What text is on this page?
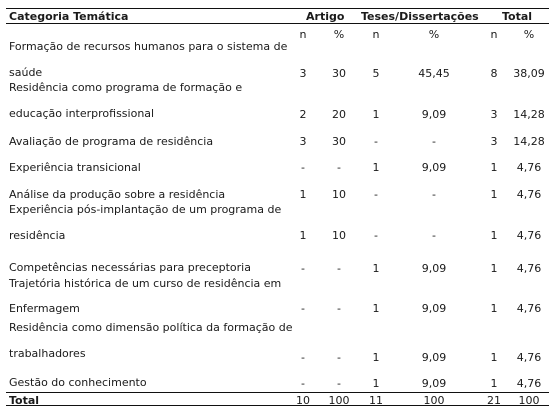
Categoria Temática	Artigo Teses/Dissertações Total
n	%	n	%	n	%
Formação de recursos humanos para o sistema de
saúde	3	30	5	45,45	8	38,09
Residência como programa de formação e
educação interprofissional	2	20	1	9,09	3	14,28
Avaliação de programa de residência	3	30	-	-	3	14,28
Experiência transicional	-	-	1	9,09	1	4,76
Análise da produção sobre a residência	1	10	-	-	1	4,76
Experiência pós-implantação de um programa de
residência	1	10	-	-	1	4,76
Competências necessárias para preceptoria	-	-	1	9,09	1	4,76
Trajetória histórica de um curso de residência em
Enfermagem	-	-	1	9,09	1	4,76
Residência como dimensão política da formação de
trabalhadores	-	-	1	9,09	1	4,76
Gestão do conhecimento	-	-	1	9,09	1	4,76
Total	10	100	11	100	21	100
